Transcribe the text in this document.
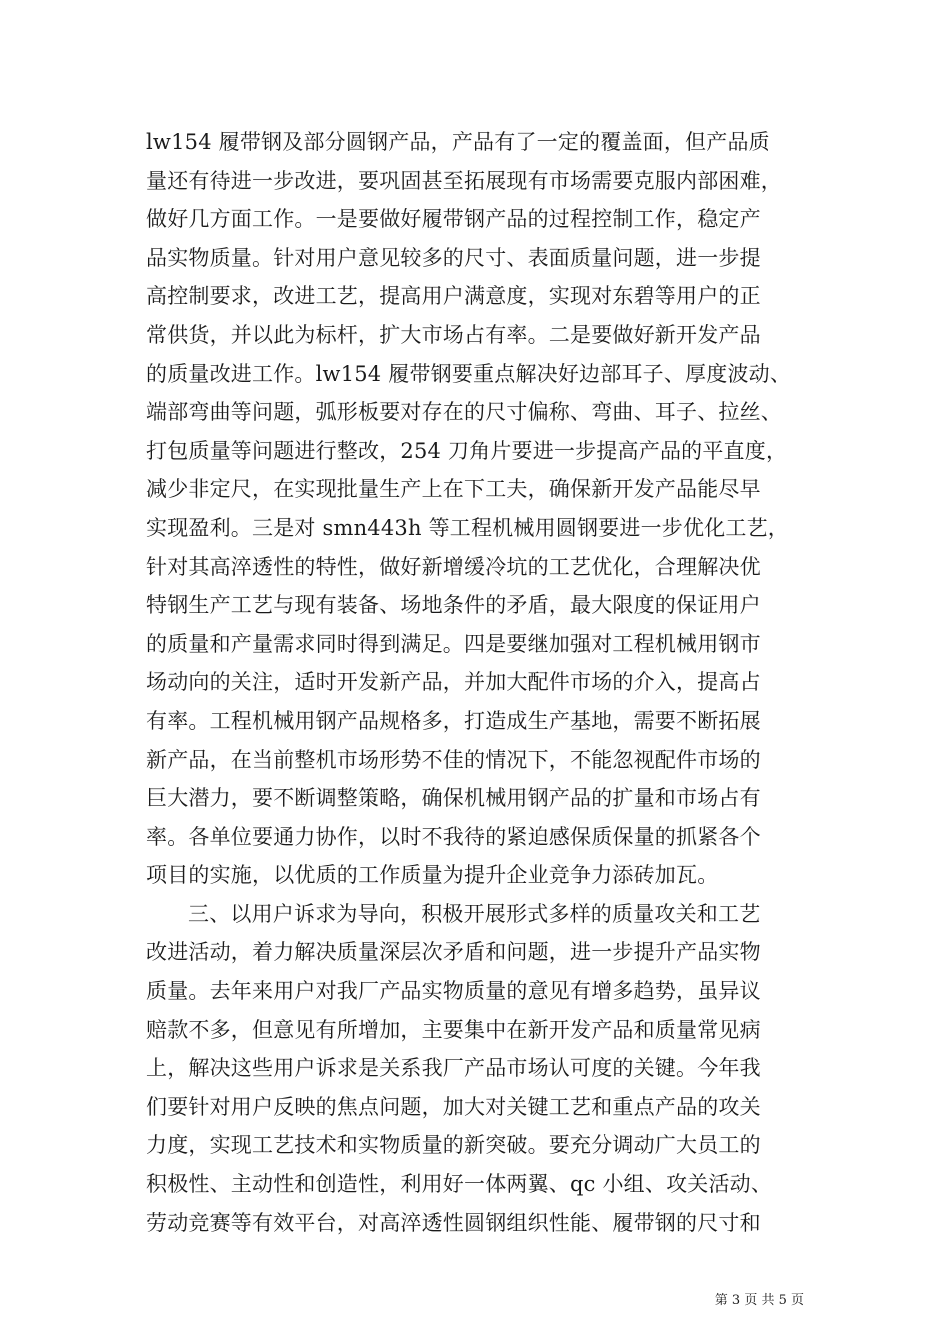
lw154 履带钢及部分圆钢产品，产品有了一定的覆盖面，但产品质
量还有待进一步改进，要巩固甚至拓展现有市场需要克服内部困难，
做好几方面工作。一是要做好履带钢产品的过程控制工作，稳定产
品实物质量。针对用户意见较多的尺寸、表面质量问题，进一步提
高控制要求，改进工艺，提高用户满意度，实现对东碧等用户的正
常供货，并以此为标杆，扩大市场占有率。二是要做好新开发产品
的质量改进工作。lw154 履带钢要重点解决好边部耳子、厚度波动、
端部弯曲等问题，弧形板要对存在的尺寸偏称、弯曲、耳子、拉丝、
打包质量等问题进行整改，254 刀角片要进一步提高产品的平直度，
减少非定尺，在实现批量生产上在下工夫，确保新开发产品能尽早
实现盈利。三是对 smn443h 等工程机械用圆钢要进一步优化工艺，
针对其高淬透性的特性，做好新增缓冷坑的工艺优化，合理解决优
特钢生产工艺与现有装备、场地条件的矛盾，最大限度的保证用户
的质量和产量需求同时得到满足。四是要继加强对工程机械用钢市
场动向的关注，适时开发新产品，并加大配件市场的介入，提高占
有率。工程机械用钢产品规格多，打造成生产基地，需要不断拓展
新产品，在当前整机市场形势不佳的情况下，不能忽视配件市场的
巨大潜力，要不断调整策略，确保机械用钢产品的扩量和市场占有
率。各单位要通力协作，以时不我待的紧迫感保质保量的抓紧各个
项目的实施，以优质的工作质量为提升企业竞争力添砖加瓦。
三、以用户诉求为导向，积极开展形式多样的质量攻关和工艺
改进活动，着力解决质量深层次矛盾和问题，进一步提升产品实物
质量。去年来用户对我厂产品实物质量的意见有增多趋势，虽异议
赔款不多，但意见有所增加，主要集中在新开发产品和质量常见病
上，解决这些用户诉求是关系我厂产品市场认可度的关键。今年我
们要针对用户反映的焦点问题，加大对关键工艺和重点产品的攻关
力度，实现工艺技术和实物质量的新突破。要充分调动广大员工的
积极性、主动性和创造性，利用好一体两翼、qc 小组、攻关活动、
劳动竞赛等有效平台，对高淬透性圆钢组织性能、履带钢的尺寸和
第 3 页 共 5 页
